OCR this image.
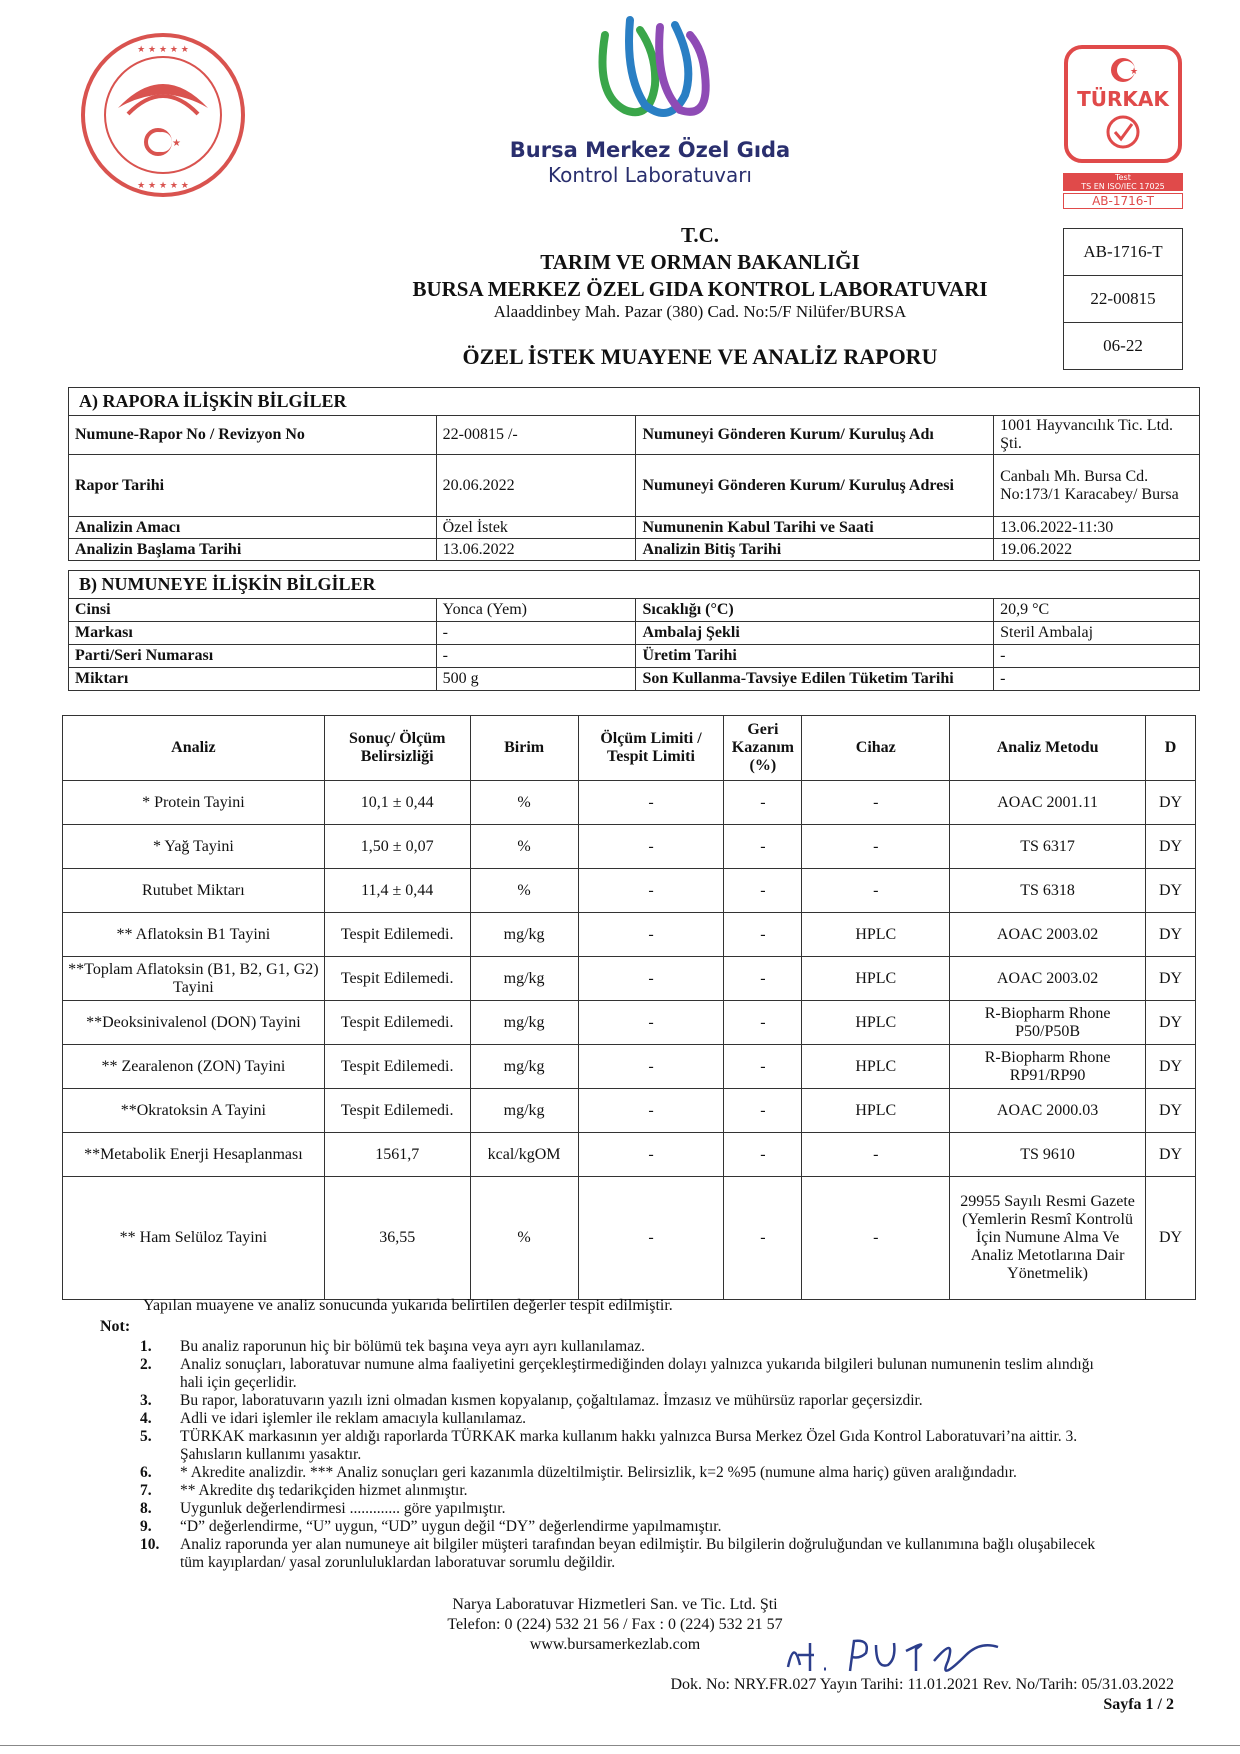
★
★ ★ ★ ★ ★
★ ★ ★ ★ ★
Bursa Merkez Özel Gıda
Kontrol Laboratuvarı
★
TÜRKAK
Test
TS EN ISO/IEC 17025
AB-1716-T
T.C.
TARIM VE ORMAN BAKANLIĞI
BURSA MERKEZ ÖZEL GIDA KONTROL LABORATUVARI
Alaaddinbey Mah. Pazar (380) Cad. No:5/F Nilüfer/BURSA
ÖZEL İSTEK MUAYENE VE ANALİZ RAPORU
AB-1716-T
22-00815
06-22
A) RAPORA İLİŞKİN BİLGİLER			
Numune-Rapor No / Revizyon No	22-00815 /-	Numuneyi Gönderen Kurum/ Kuruluş Adı	1001 Hayvancılık Tic. Ltd. Şti.
Rapor Tarihi	20.06.2022	Numuneyi Gönderen Kurum/ Kuruluş Adresi	Canbalı Mh. Bursa Cd. No:173/1 Karacabey/ Bursa
Analizin Amacı	Özel İstek	Numunenin Kabul Tarihi ve Saati	13.06.2022-11:30
Analizin Başlama Tarihi	13.06.2022	Analizin Bitiş Tarihi	19.06.2022
B) NUMUNEYE İLİŞKİN BİLGİLER			
Cinsi	Yonca (Yem)	Sıcaklığı (°C)	20,9 °C
Markası	-	Ambalaj Şekli	Steril Ambalaj
Parti/Seri Numarası	-	Üretim Tarihi	-
Miktarı	500 g	Son Kullanma-Tavsiye Edilen Tüketim Tarihi	-
Analiz	Sonuç/ Ölçüm Belirsizliği	Birim	Ölçüm Limiti / Tespit Limiti	Geri Kazanım (%)	Cihaz	Analiz Metodu	D
* Protein Tayini	10,1 ± 0,44	%	-	-	-	AOAC 2001.11	DY
* Yağ Tayini	1,50 ± 0,07	%	-	-	-	TS 6317	DY
Rutubet Miktarı	11,4 ± 0,44	%	-	-	-	TS 6318	DY
** Aflatoksin B1 Tayini	Tespit Edilemedi.	mg/kg	-	-	HPLC	AOAC 2003.02	DY
**Toplam Aflatoksin (B1, B2, G1, G2) Tayini	Tespit Edilemedi.	mg/kg	-	-	HPLC	AOAC 2003.02	DY
**Deoksinivalenol (DON) Tayini	Tespit Edilemedi.	mg/kg	-	-	HPLC	R-Biopharm Rhone P50/P50B	DY
** Zearalenon (ZON) Tayini	Tespit Edilemedi.	mg/kg	-	-	HPLC	R-Biopharm Rhone RP91/RP90	DY
**Okratoksin A Tayini	Tespit Edilemedi.	mg/kg	-	-	HPLC	AOAC 2000.03	DY
**Metabolik Enerji Hesaplanması	1561,7	kcal/kgOM	-	-	-	TS 9610	DY
** Ham Selüloz Tayini	36,55	%	-	-	-	29955 Sayılı Resmi Gazete (Yemlerin Resmî Kontrolü İçin Numune Alma Ve Analiz Metotlarına Dair Yönetmelik)	DY
Yapılan muayene ve analiz sonucunda yukarıda belirtilen değerler tespit edilmiştir.
Not:
1.	Bu analiz raporunun hiç bir bölümü tek başına veya ayrı ayrı kullanılamaz.
2.	Analiz sonuçları, laboratuvar numune alma faaliyetini gerçekleştirmediğinden dolayı yalnızca yukarıda bilgileri bulunan numunenin teslim alındığı hali için geçerlidir.
3.	Bu rapor, laboratuvarın yazılı izni olmadan kısmen kopyalanıp, çoğaltılamaz. İmzasız ve mühürsüz raporlar geçersizdir.
4.	Adli ve idari işlemler ile reklam amacıyla kullanılamaz.
5.	TÜRKAK markasının yer aldığı raporlarda TÜRKAK marka kullanım hakkı yalnızca Bursa Merkez Özel Gıda Kontrol Laboratuvari’na aittir. 3. Şahısların kullanımı yasaktır.
6.	* Akredite analizdir. *** Analiz sonuçları geri kazanımla düzeltilmiştir. Belirsizlik, k=2 %95 (numune alma hariç) güven aralığındadır.
7.	** Akredite dış tedarikçiden hizmet alınmıştır.
8.	Uygunluk değerlendirmesi ............. göre yapılmıştır.
9.	“D” değerlendirme, “U” uygun, “UD” uygun değil “DY” değerlendirme yapılmamıştır.
10.	Analiz raporunda yer alan numuneye ait bilgiler müşteri tarafından beyan edilmiştir. Bu bilgilerin doğruluğundan ve kullanımına bağlı oluşabilecek tüm kayıplardan/ yasal zorunluluklardan laboratuvar sorumlu değildir.
Narya Laboratuvar Hizmetleri San. ve Tic. Ltd. Şti
Telefon: 0 (224) 532 21 56 / Fax : 0 (224) 532 21 57
www.bursamerkezlab.com
Dok. No: NRY.FR.027 Yayın Tarihi: 11.01.2021 Rev. No/Tarih: 05/31.03.2022
Sayfa 1 / 2
